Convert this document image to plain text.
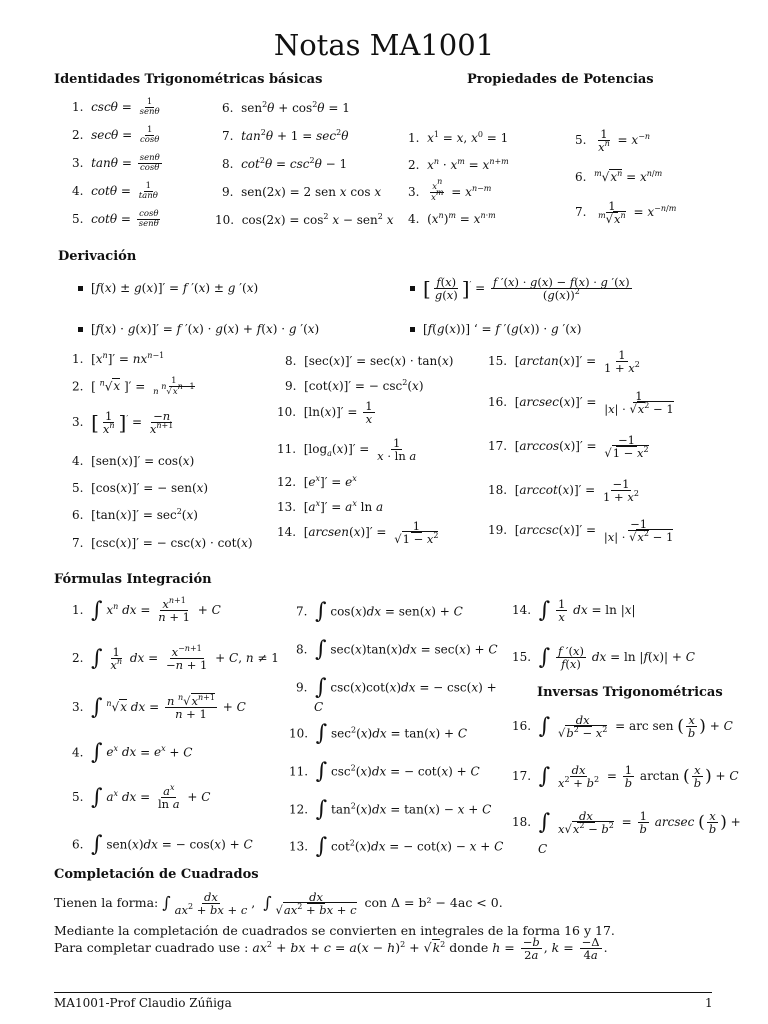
Notas MA1001
Identidades Trigonométricas básicas	Propiedades de Potencias
1.  $\csc\theta = \frac{1}{\text{senθ}}$
2.  $\sec\theta = \frac{1}{\cos\theta}$
3.  $\tan\theta = \frac{\text{senθ}}{\cos\theta}$
4.  $\cot\theta = \frac{1}{\tan\theta}$
5.  $\cot\theta = \frac{\cos\theta}{\text{senθ}}$
6.  $sen^2\theta + \cos^2\theta = 1$
7.  $\tan^2\theta + 1 = \sec^2\theta$
8.  $\cot^2\theta = \csc^2\theta - 1$
9.  sen(2x) = 2 sen x cos x
10.  $\cos(2x) = \cos^2 x - sen^2$ x
1.  $x^1 = x$, $x^0 = 1$
2.  $x^n \cdot x^m = x^{n+m}$
3. $\frac{x^n}{x^m} = x^{n-m}$
4.  $(x^n)^m = x^{n\cdot m}$
5. $\frac{1}{x^n} = x^{-n}$
6.  $^m√x^n = x^{n/m}$
7. $\frac{1}{^m√x^n} = x^{-n/m}$
Derivación
[f(x) ± g(x)]′ = f ′(x) ± g ′(x)
[f(x) · g(x)]′ = f ′(x) · g(x) + f(x) · g ′(x)
[ $\frac{f(x)}{g(x)} ]' = \frac{f '(x) \cdot g(x) - f(x) \cdot g '(x)}{(g(x))^2}$
[f(g(x))] ‘ = f ′(g(x)) · g ′(x)
1.  $[x^n]' = nx^{n-1}$
2.  [ $^n$√x ]′ = $\frac{1}{n ^n√x^{n-1}}$
3.  [ $\frac{1}{x^n} ]' = \frac{-n}{x^{n+1}}$
4.  [sen(x)]′ = cos(x)
5.  [cos(x)]′ = − sen(x)
6.  $[\tan(x)]' = \sec^2(x)$
7.  [csc(x)]′ = − csc(x) · cot(x)
8.  [sec(x)]′ = sec(x) · tan(x)
9.  [cot(x)]′ = − $\csc^2(x)$
10.  $[\ln(x)]' = \frac{1}{x}$
11.  $[\log_a(x)]' = \frac{1}{\text{x · ln a}}$
12.  $[e^x]' = e^x$
13.  $[a^x]' = a^x$ ln a
14.  [arcsen(x)]′ = $\frac{1}{√1 - x^2}$
15.  $[\arctan(x)]' = \frac{1}{1 + x^2}$
16.  $[arcsec(x)]' = \frac{1}{|x| \cdot √x^2 - 1}$
17.  $[\arccos(x)]' = \frac{-1}{√1 - x^2}$
18.  $[arccot(x)]' = \frac{-1}{1 + x^2}$
19.  $[arccsc(x)]' = \frac{-1}{|x| \cdot √x^2 - 1}$
Fórmulas Integración
1.  ∫ $x^n$ dx = $\frac{x^{n+1}}{n + 1} + C$
2.  ∫ $\frac{1}{x^n}$ dx = $\frac{x^{-n+1}}{-n + 1} + C$, n ≠ 1
3.  ∫ $^n$√x dx = $\frac{n ^n√x^{n+1}}{n + 1} + C$
4.  ∫ $e^x$ dx = $e^x + C$
5.  ∫ $a^x$ dx = $\frac{a^x}{\text{ln a}} + C$
6.  ∫ sen(x)dx = − cos(x) + C
7.  ∫ cos(x)dx = sen(x) + C
8.  ∫ sec(x)tan(x)dx = sec(x) + C
9.  ∫ csc(x)cot(x)dx = − csc(x) +
C
10.  ∫ $\sec^2(x)dx = \tan(x) + C$
11.  ∫ $\csc^2(x)dx$ = − cot(x) + C
12.  ∫ $\tan^2(x)dx = \tan(x) - x + C$
13.  ∫ $\cot^2(x)dx$ = − cot(x) − x + C
14.  ∫ $\frac{1}{x}$ dx = ln |x|
15.  ∫ $\frac{f '(x)}{f(x)}$ dx = ln |f(x)| + C
Inversas Trigonométricas
16.  ∫ $\frac{dx}{√b^2 - x^2}$ = arc sen ( $\frac{x}{b}$ ) + C
17.  ∫ $\frac{dx}{x^2 + b^2} = \frac{1}{b}$ arctan ( $\frac{x}{b}$ ) + C
18.  ∫ $\frac{dx}{x√x^2 - b^2} = \frac{1}{b}$ arcsec ( $\frac{x}{b}$ ) +
C
Completación de Cuadrados
Tienen la forma: ∫ $\frac{dx}{ax^2 + bx + c}$ ,  ∫ $\frac{dx}{√ax^2 + bx + c}$ con Δ = b² − 4ac < 0.
Mediante la completación de cuadrados se convierten en integrales de la forma 16 y 17.
Para completar cuadrado use : $ax^2$ + bx + $c = a(x - h)^2 + √k^2$ donde $h = \frac{-b}{2a}$ , $k = \frac{-\Delta}{4a}$ .
MA1001-Prof Claudio Zúñiga	1
